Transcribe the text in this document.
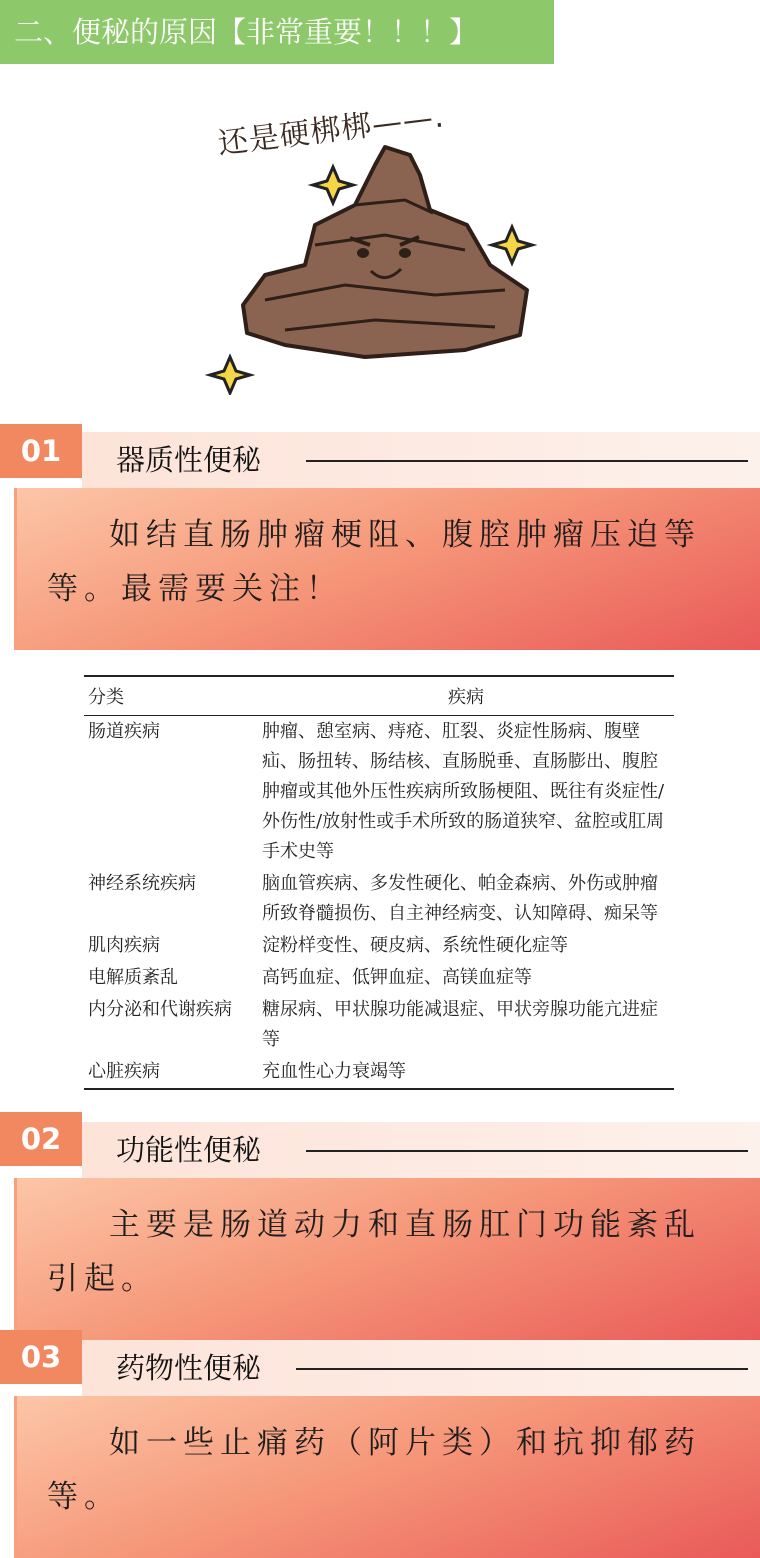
二、便秘的原因【非常重要！！！】
还是硬梆梆——.
01	器质性便秘
如结直肠肿瘤梗阻、腹腔肿瘤压迫等等。最需要关注！
分类	疾病
肠道疾病	肿瘤、憩室病、痔疮、肛裂、炎症性肠病、腹壁疝、肠扭转、肠结核、直肠脱垂、直肠膨出、腹腔肿瘤或其他外压性疾病所致肠梗阻、既往有炎症性/外伤性/放射性或手术所致的肠道狭窄、盆腔或肛周手术史等
神经系统疾病	脑血管疾病、多发性硬化、帕金森病、外伤或肿瘤所致脊髓损伤、自主神经病变、认知障碍、痴呆等
肌肉疾病	淀粉样变性、硬皮病、系统性硬化症等
电解质紊乱	高钙血症、低钾血症、高镁血症等
内分泌和代谢疾病	糖尿病、甲状腺功能减退症、甲状旁腺功能亢进症等
心脏疾病	充血性心力衰竭等
02	功能性便秘
主要是肠道动力和直肠肛门功能紊乱引起。
03	药物性便秘
如一些止痛药（阿片类）和抗抑郁药等。
